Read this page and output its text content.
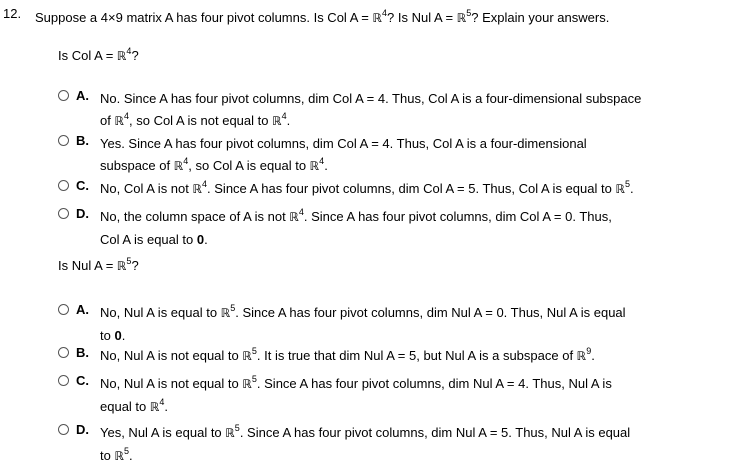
12. Suppose a 4×9 matrix A has four pivot columns. Is Col A = ℝ$^4$? Is Nul A = ℝ$^5$? Explain your answers.
Is Col A = ℝ$^4$?
A. No. Since A has four pivot columns, dim Col A = 4. Thus, Col A is a four-dimensional subspace
of ℝ$^4$, so Col A is not equal to ℝ$^4$.
B. Yes. Since A has four pivot columns, dim Col A = 4. Thus, Col A is a four-dimensional
subspace of ℝ$^4$, so Col A is equal to ℝ$^4$.
C. No, Col A is not ℝ$^4$. Since A has four pivot columns, dim Col A = 5. Thus, Col A is equal to ℝ$^5$.
D. No, the column space of A is not ℝ$^4$. Since A has four pivot columns, dim Col A = 0. Thus,
Col A is equal to 0.
Is Nul A = ℝ$^5$?
A. No, Nul A is equal to ℝ$^5$. Since A has four pivot columns, dim Nul A = 0. Thus, Nul A is equal
to 0.
B. No, Nul A is not equal to ℝ$^5$. It is true that dim Nul A = 5, but Nul A is a subspace of ℝ$^9$.
C. No, Nul A is not equal to ℝ$^5$. Since A has four pivot columns, dim Nul A = 4. Thus, Nul A is
equal to ℝ$^4$.
D. Yes, Nul A is equal to ℝ$^5$. Since A has four pivot columns, dim Nul A = 5. Thus, Nul A is equal
to ℝ$^5$.
